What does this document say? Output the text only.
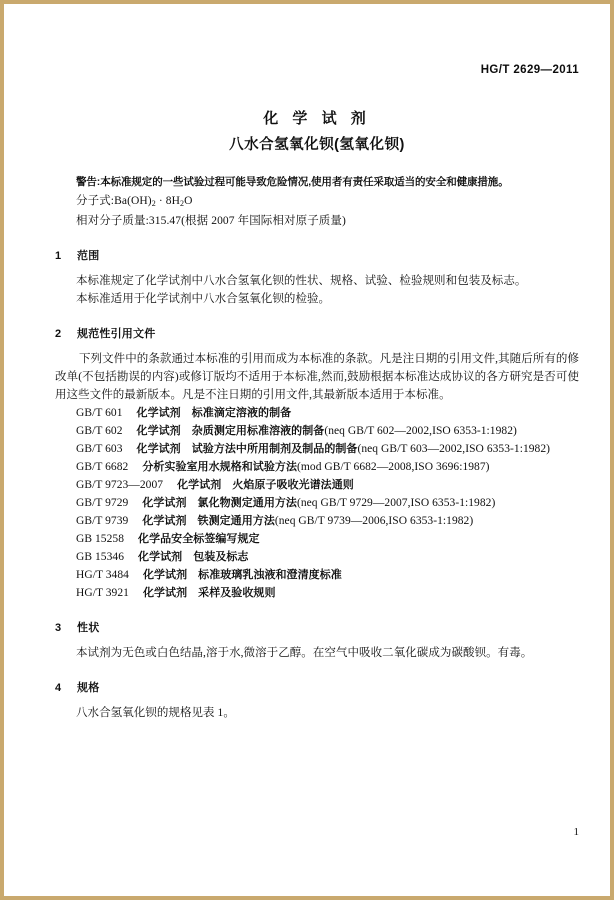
HG/T 2629—2011
化 学 试 剂
八水合氢氧化钡(氢氧化钡)

警告:本标准规定的一些试验过程可能导致危险情况,使用者有责任采取适当的安全和健康措施。

分子式$:Ba(OH)_2 \cdot 8H_2O$

相对分子质量:315.47(根据 2007 年国际相对原子质量)

1 范围

本标准规定了化学试剂中八水合氢氧化钡的性状、规格、试验、检验规则和包装及标志。

本标准适用于化学试剂中八水合氢氧化钡的检验。

2 规范性引用文件

下列文件中的条款通过本标准的引用而成为本标准的条款。凡是注日期的引用文件,其随后所有的修改单(不包括勘误的内容)或修订版均不适用于本标准,然而,鼓励根据本标准达成协议的各方研究是否可使用这些文件的最新版本。凡是不注日期的引用文件,其最新版本适用于本标准。

GB/T 601 化学试剂 标准滴定溶液的制备
GB/T 602 化学试剂 杂质测定用标准溶液的制备(neq GB/T 602—2002,ISO 6353-1:1982)
GB/T 603 化学试剂 试验方法中所用制剂及制品的制备(neq GB/T 603—2002,ISO 6353-1:1982)
GB/T 6682 分析实验室用水规格和试验方法(mod GB/T 6682—2008,ISO 3696:1987)
GB/T 9723—2007 化学试剂 火焰原子吸收光谱法通则
GB/T 9729 化学试剂 氯化物测定通用方法(neq GB/T 9729—2007,ISO 6353-1:1982)
GB/T 9739 化学试剂 铁测定通用方法(neq GB/T 9739—2006,ISO 6353-1:1982)
GB 15258 化学品安全标签编写规定
GB 15346 化学试剂 包装及标志
HG/T 3484 化学试剂 标准玻璃乳浊液和澄清度标准
HG/T 3921 化学试剂 采样及验收规则
3 性状

本试剂为无色或白色结晶,溶于水,微溶于乙醇。在空气中吸收二氧化碳成为碳酸钡。有毒。

4 规格

八水合氢氧化钡的规格见表 1。

1
